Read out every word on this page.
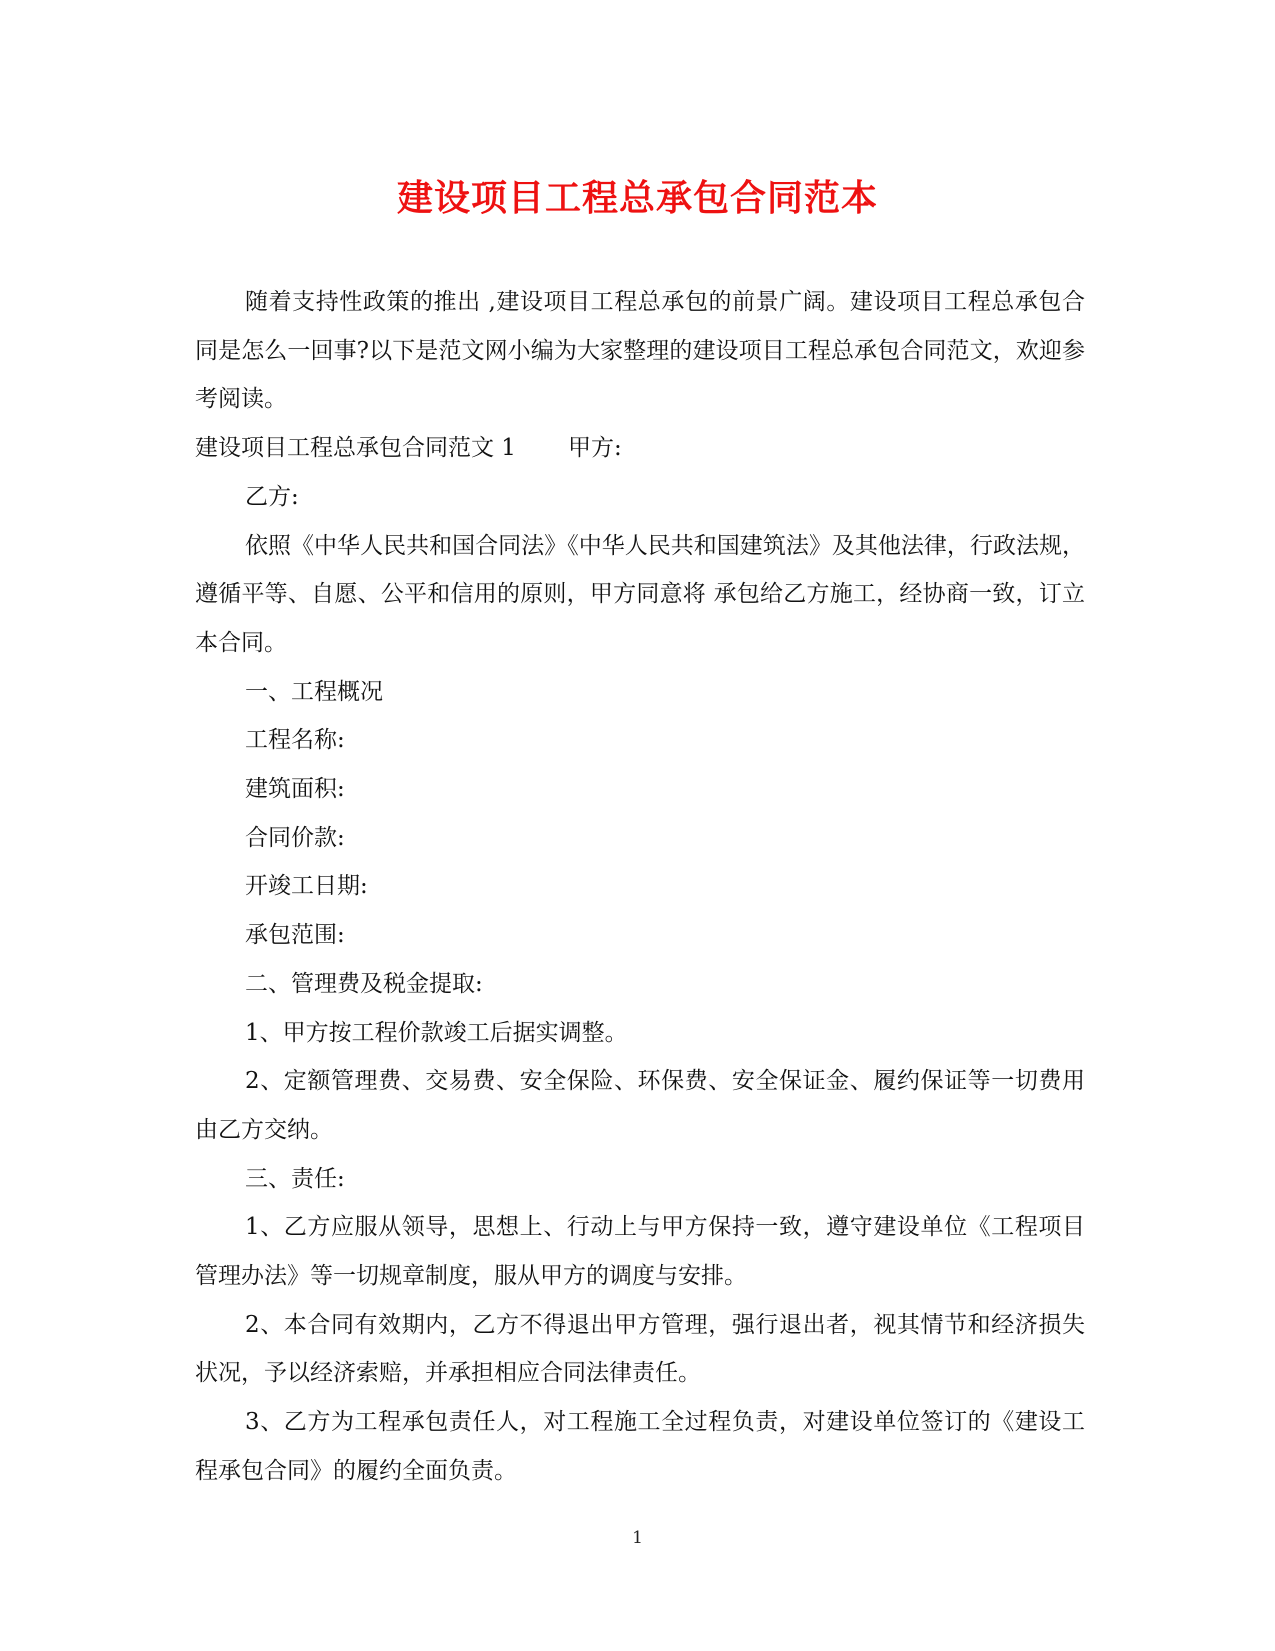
建设项目工程总承包合同范本

随着支持性政策的推出 ,建设项目工程总承包的前景广阔。建设项目工程总承包合同是怎么一回事?以下是范文网小编为大家整理的建设项目工程总承包合同范文，欢迎参考阅读。

建设项目工程总承包合同范文 1 甲方:

乙方:

依照《中华人民共和国合同法》《中华人民共和国建筑法》及其他法律，行政法规，遵循平等、自愿、公平和信用的原则，甲方同意将 承包给乙方施工，经协商一致，订立本合同。

一、工程概况

工程名称:

建筑面积:

合同价款:

开竣工日期:

承包范围:

二、管理费及税金提取:

1、甲方按工程价款竣工后据实调整。

2、定额管理费、交易费、安全保险、环保费、安全保证金、履约保证等一切费用由乙方交纳。

三、责任:

1、乙方应服从领导，思想上、行动上与甲方保持一致，遵守建设单位《工程项目管理办法》等一切规章制度，服从甲方的调度与安排。

2、本合同有效期内，乙方不得退出甲方管理，强行退出者，视其情节和经济损失状况，予以经济索赔，并承担相应合同法律责任。

3、乙方为工程承包责任人，对工程施工全过程负责，对建设单位签订的《建设工程承包合同》的履约全面负责。

1
